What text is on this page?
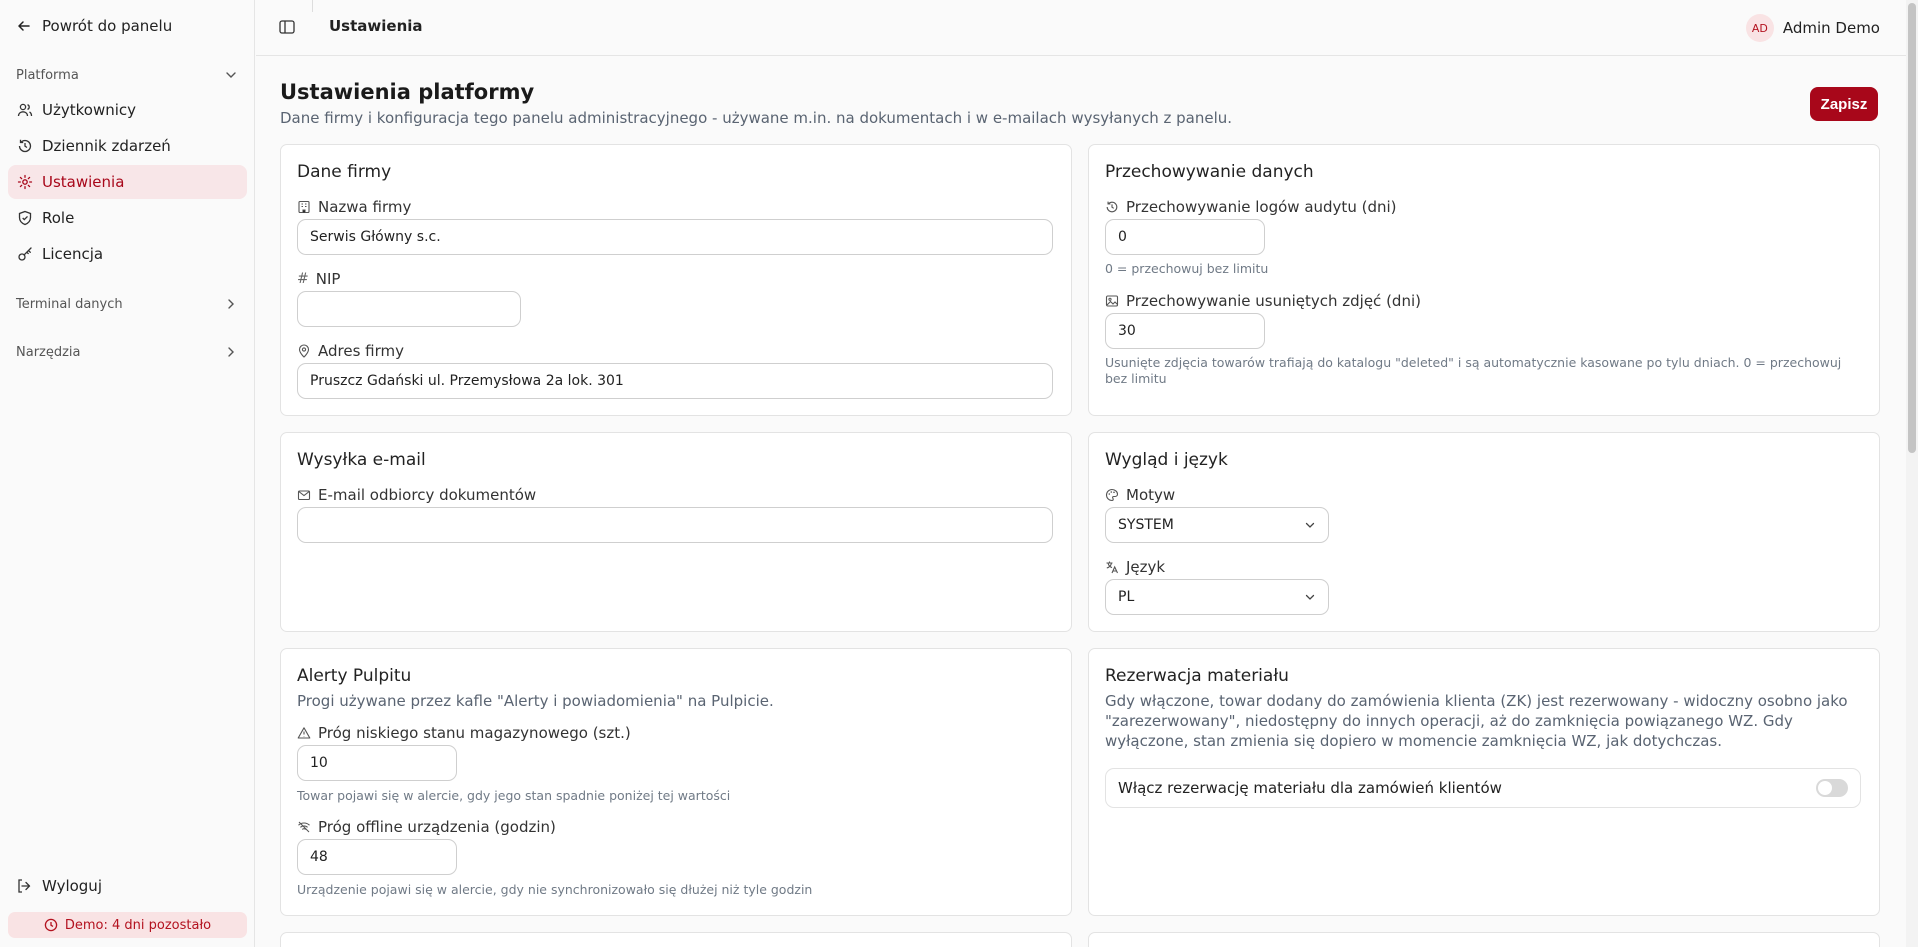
Powrót do panelu
Platforma
Użytkownicy
Dziennik zdarzeń
Ustawienia
Role
Licencja
Terminal danych
Narzędzia
Wyloguj
Demo: 4 dni pozostało
Ustawienia	AD	Admin Demo
Ustawienia platformy
Dane firmy i konfiguracja tego panelu administracyjnego - używane m.in. na dokumentach i w e-mailach wysyłanych z panelu.
Zapisz
Dane firmy
Nazwa firmy
Serwis Główny s.c.
# NIP
Adres firmy
Pruszcz Gdański ul. Przemysłowa 2a lok. 301
Przechowywanie danych
Przechowywanie logów audytu (dni)
0
0 = przechowuj bez limitu
Przechowywanie usuniętych zdjęć (dni)
30
Usunięte zdjęcia towarów trafiają do katalogu "deleted" i są automatycznie kasowane po tylu dniach. 0 = przechowuj bez limitu
Wysyłka e-mail
E-mail odbiorcy dokumentów
Wygląd i język
Motyw
SYSTEM
Język
PL
Alerty Pulpitu
Progi używane przez kafle "Alerty i powiadomienia" na Pulpicie.
Próg niskiego stanu magazynowego (szt.)
10
Towar pojawi się w alercie, gdy jego stan spadnie poniżej tej wartości
Próg offline urządzenia (godzin)
48
Urządzenie pojawi się w alercie, gdy nie synchronizowało się dłużej niż tyle godzin
Rezerwacja materiału
Gdy włączone, towar dodany do zamówienia klienta (ZK) jest rezerwowany - widoczny osobno jako "zarezerwowany", niedostępny do innych operacji, aż do zamknięcia powiązanego WZ. Gdy wyłączone, stan zmienia się dopiero w momencie zamknięcia WZ, jak dotychczas.
Włącz rezerwację materiału dla zamówień klientów
